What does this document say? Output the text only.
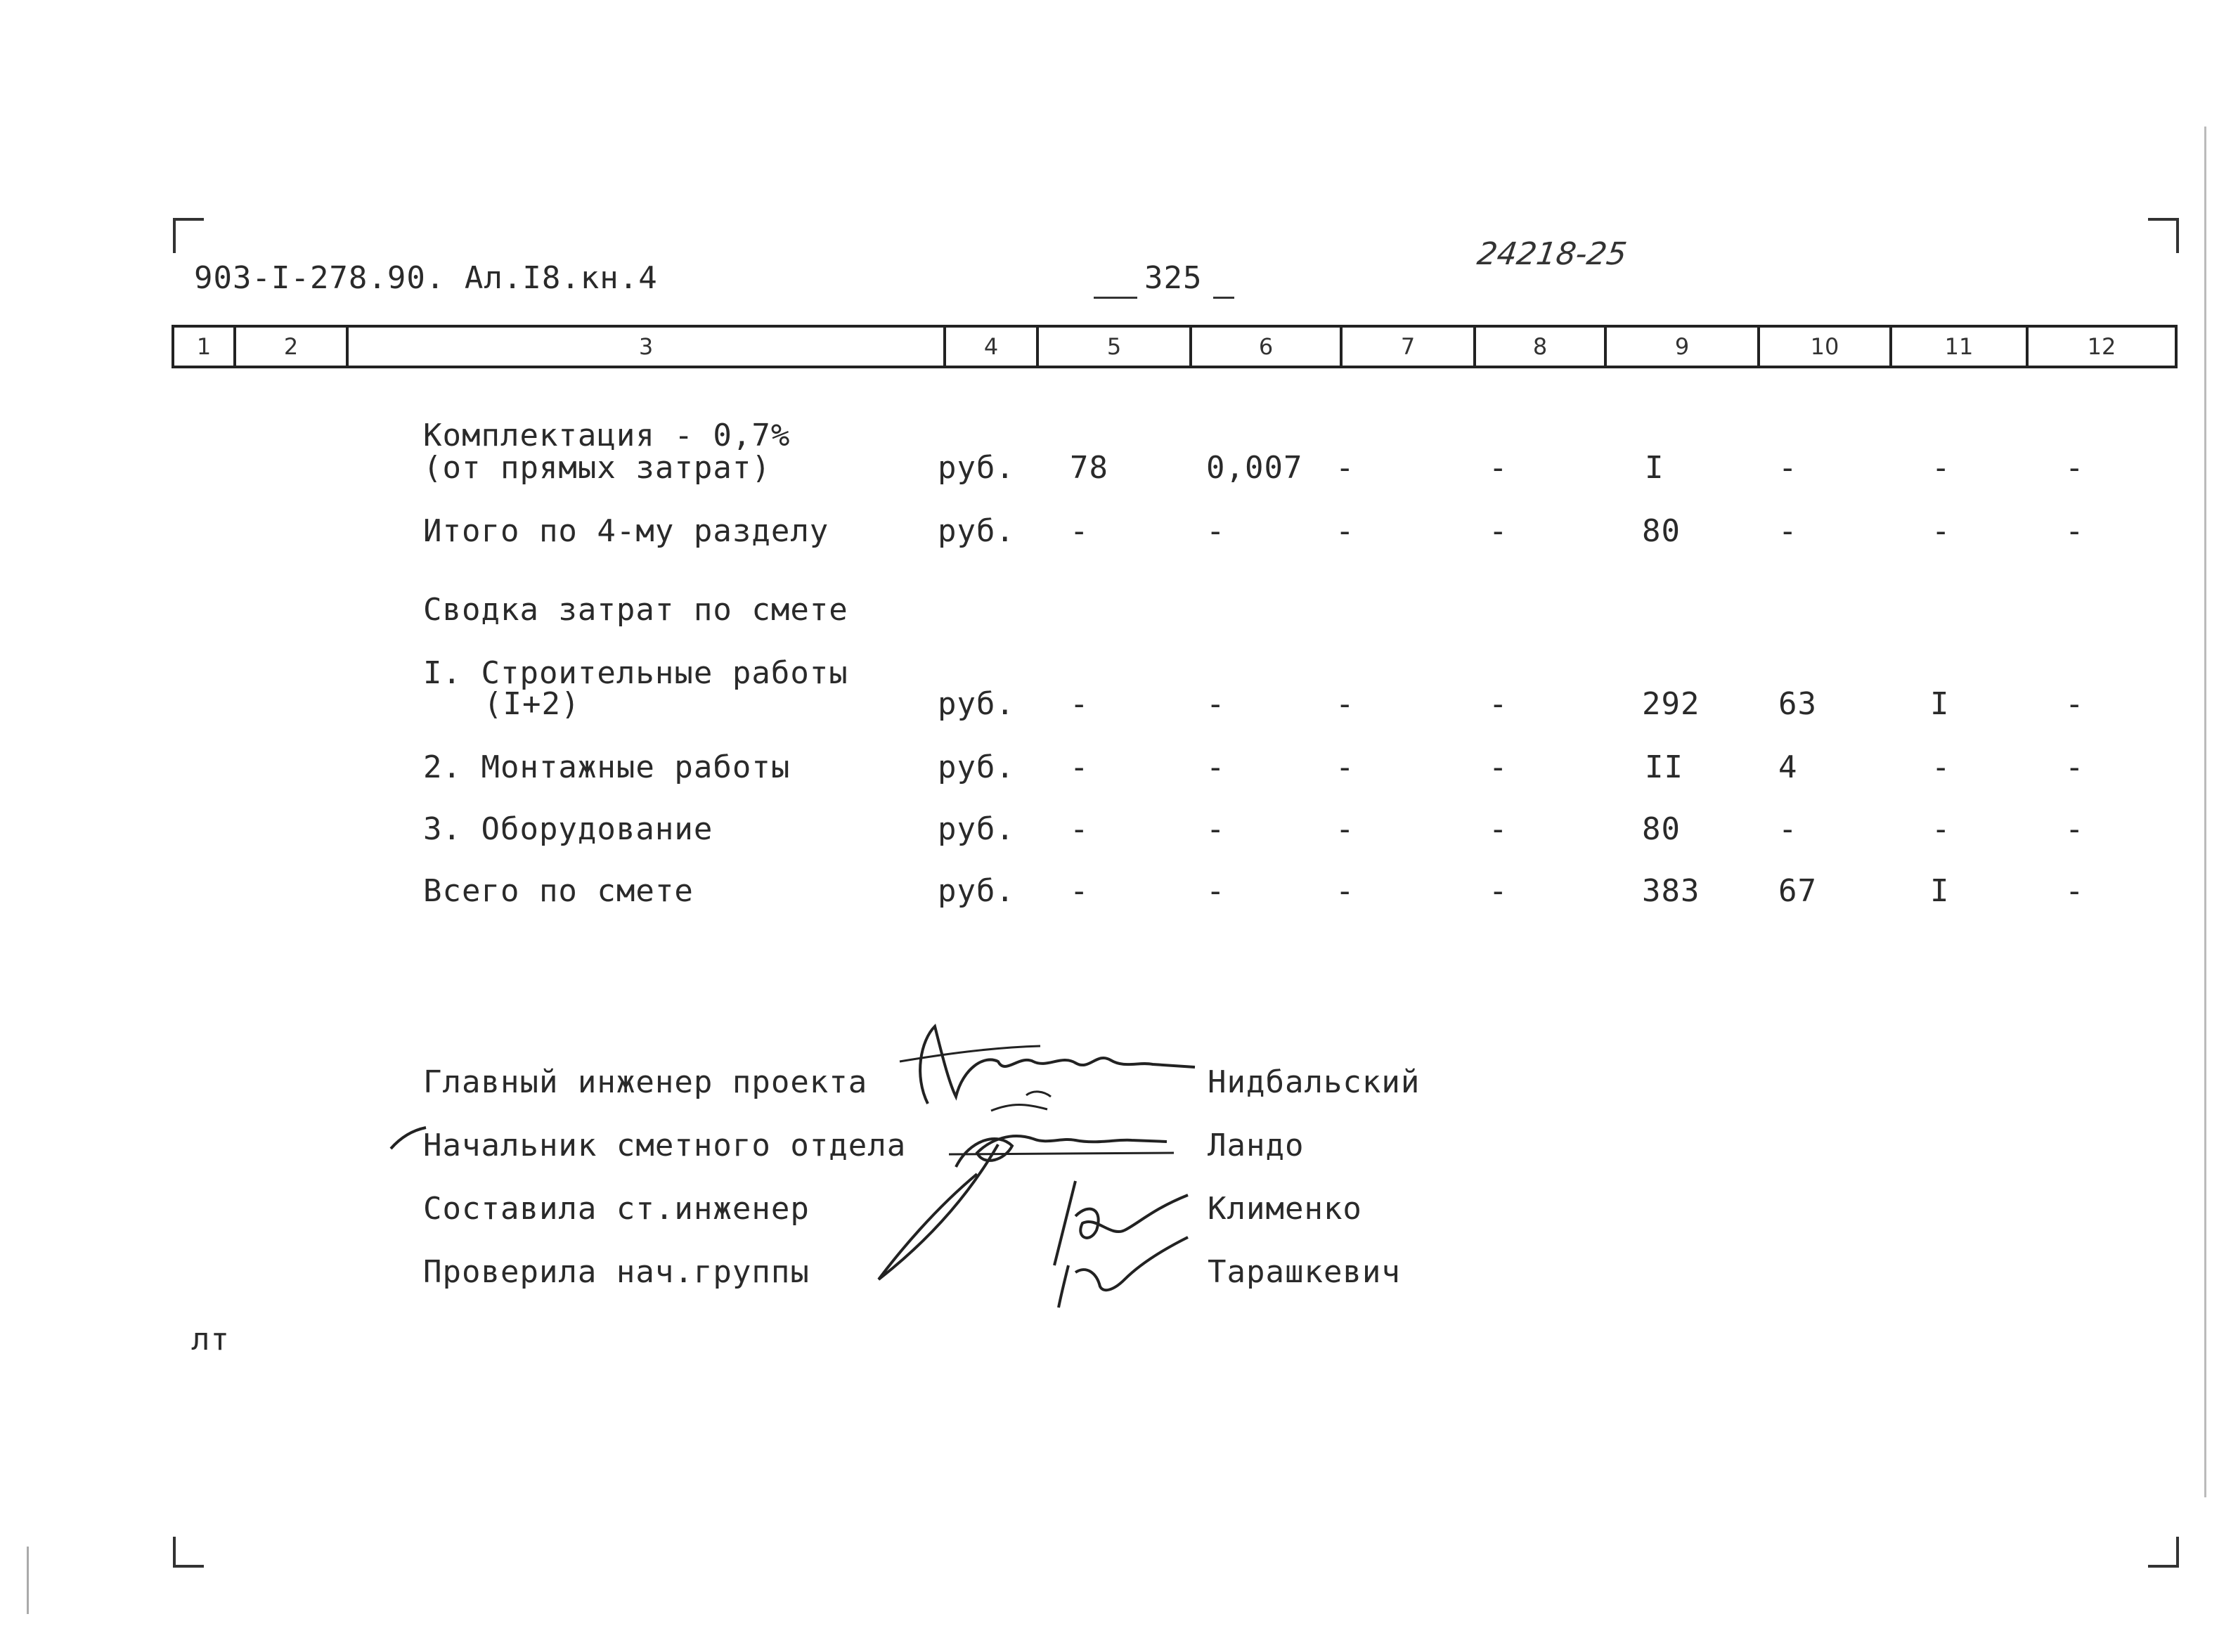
903-I-278.90. Ал.I8.кн.4	325
24218-25
1	2	3	4	5	6	7	8	9	10	11	12
Комплектация - 0,7%
(от прямых затрат)	руб. 78	0,007 -	-	I	-	-	-
Итого по 4-му разделу	руб. -	-	-	-	80	-	-	-
Сводка затрат по смете
I. Строительные работы
(I+2)	руб. -	-	-	-	292	63	I	-
2. Монтажные работы	руб. -	-	-	-	II	4	-	-
3. Оборудование	руб. -	-	-	-	80	-	-	-
Всего по смете	руб. -	-	-	-	383	67	I	-
Главный инженер проекта	Нидбальский
Начальник сметного отдела	Ландо
Составила ст.инженер	Клименко
Проверила нач.группы	Тарашкевич
лт
